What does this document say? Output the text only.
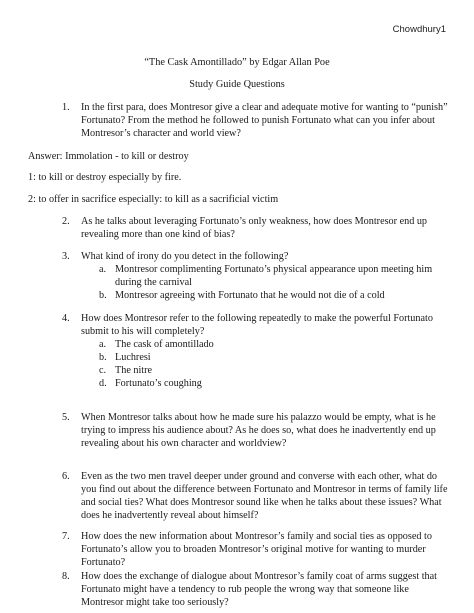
Chowdhury1
“The Cask Amontillado” by Edgar Allan Poe
Study Guide Questions
1. In the first para, does Montresor give a clear and adequate motive for wanting to “punish”
Fortunato? From the method he followed to punish Fortunato what can you infer about
Montresor’s character and world view?
Answer: Immolation - to kill or destroy
1: to kill or destroy especially by fire.
2: to offer in sacrifice especially: to kill as a sacrificial victim
2. As he talks about leveraging Fortunato’s only weakness, how does Montresor end up
revealing more than one kind of bias?
3. What kind of irony do you detect in the following?
a. Montresor complimenting Fortunato’s physical appearance upon meeting him
during the carnival
b. Montresor agreeing with Fortunato that he would not die of a cold
4. How does Montresor refer to the following repeatedly to make the powerful Fortunato
submit to his will completely?
a. The cask of amontillado
b. Luchresi
c. The nitre
d. Fortunato’s coughing
5. When Montresor talks about how he made sure his palazzo would be empty, what is he
trying to impress his audience about? As he does so, what does he inadvertently end up
revealing about his own character and worldview?
6. Even as the two men travel deeper under ground and converse with each other, what do
you find out about the difference between Fortunato and Montresor in terms of family life
and social ties? What does Montresor sound like when he talks about these issues? What
does he inadvertently reveal about himself?
7. How does the new information about Montresor’s family and social ties as opposed to
Fortunato’s allow you to broaden Montresor’s original motive for wanting to murder
Fortunato?
8. How does the exchange of dialogue about Montresor’s family coat of arms suggest that
Fortunato might have a tendency to rub people the wrong way that someone like
Montresor might take too seriously?
